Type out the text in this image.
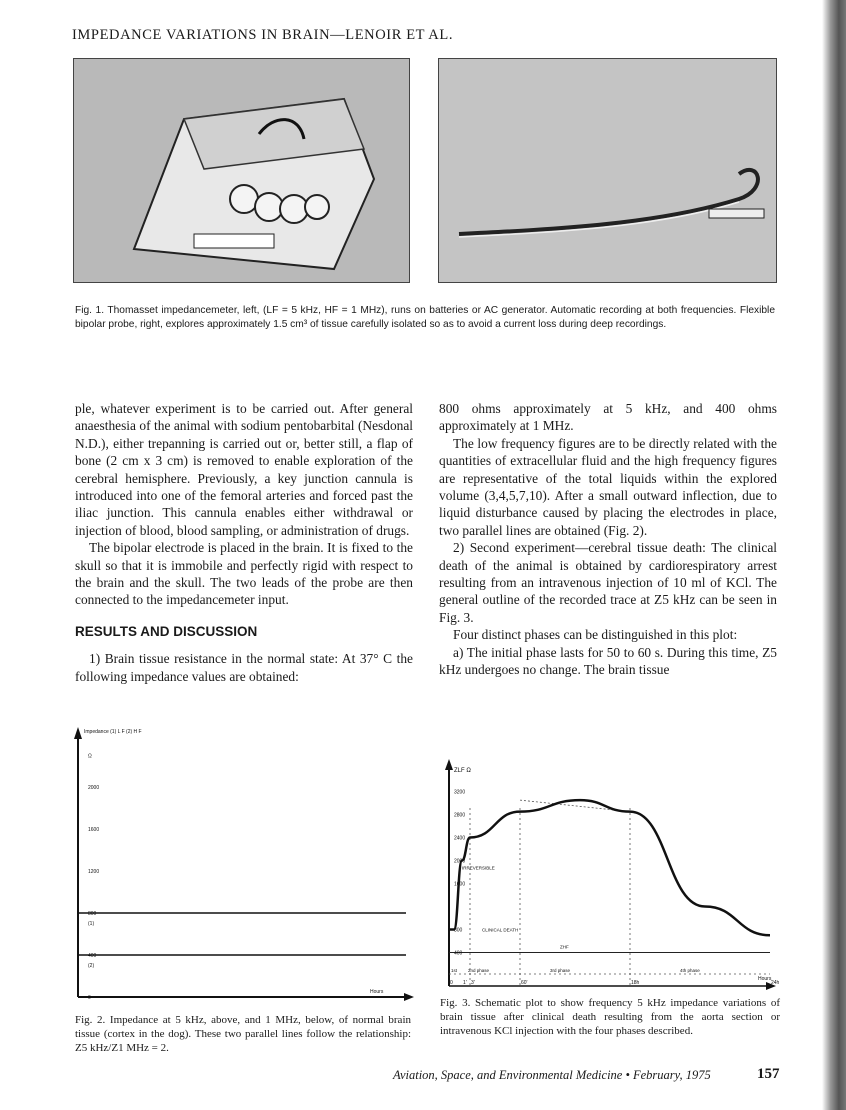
IMPEDANCE VARIATIONS IN BRAIN—LENOIR ET AL.
Fig. 1. Thomasset impedancemeter, left, (LF = 5 kHz, HF = 1 MHz), runs on batteries or AC generator. Automatic recording at both frequencies. Flexible bipolar probe, right, explores approximately 1.5 cm³ of tissue carefully isolated so as to avoid a current loss during deep recordings.

ple, whatever experiment is to be carried out. After general anaesthesia of the animal with sodium pentobarbital (Nesdonal N.D.), either trepanning is carried out or, better still, a flap of bone (2 cm x 3 cm) is removed to enable exploration of the cerebral hemisphere. Previously, a key junction cannula is introduced into one of the femoral arteries and forced past the iliac junction. This cannula enables either withdrawal or injection of blood, blood sampling, or administration of drugs.

The bipolar electrode is placed in the brain. It is fixed to the skull so that it is immobile and perfectly rigid with respect to the brain and the skull. The two leads of the probe are then connected to the impedancemeter input.

RESULTS AND DISCUSSION

1) Brain tissue resistance in the normal state: At 37° C the following impedance values are obtained:

800 ohms approximately at 5 kHz, and 400 ohms approximately at 1 MHz.

The low frequency figures are to be directly related with the quantities of extracellular fluid and the high frequency figures are representative of the total liquids within the explored volume (3,4,5,7,10). After a small outward inflection, due to liquid disturbance caused by placing the electrodes in place, two parallel lines are obtained (Fig. 2).

2) Second experiment—cerebral tissue death: The clinical death of the animal is obtained by cardiorespiratory arrest resulting from an intravenous injection of 10 ml of KCl. The general outline of the recorded trace at Z5 kHz can be seen in Fig. 3.

Four distinct phases can be distinguished in this plot:

a) The initial phase lasts for 50 to 60 s. During this time, Z5 kHz undergoes no change. The brain tissue

Impedance (1) L F (2) H F
Hours
0
400
800
1200
1600
2000
Ω
(1)
(2)
Fig. 2. Impedance at 5 kHz, above, and 1 MHz, below, of normal brain tissue (cortex in the dog). These two parallel lines follow the relationship: Z5 kHz/Z1 MHz = 2.
ZLF Ω
Hours
400
800
1600
2000
2400
2800
3200
0 1' 3'	60'	18h	24h
1st 2nd phase	3rd phase	4th phase
IRREVERSIBLE
CLINICAL DEATH
ZHF
Fig. 3. Schematic plot to show frequency 5 kHz impedance variations of brain tissue after clinical death resulting from the aorta section or intravenous KCl injection with the four phases described.
Aviation, Space, and Environmental Medicine • February, 1975	157
